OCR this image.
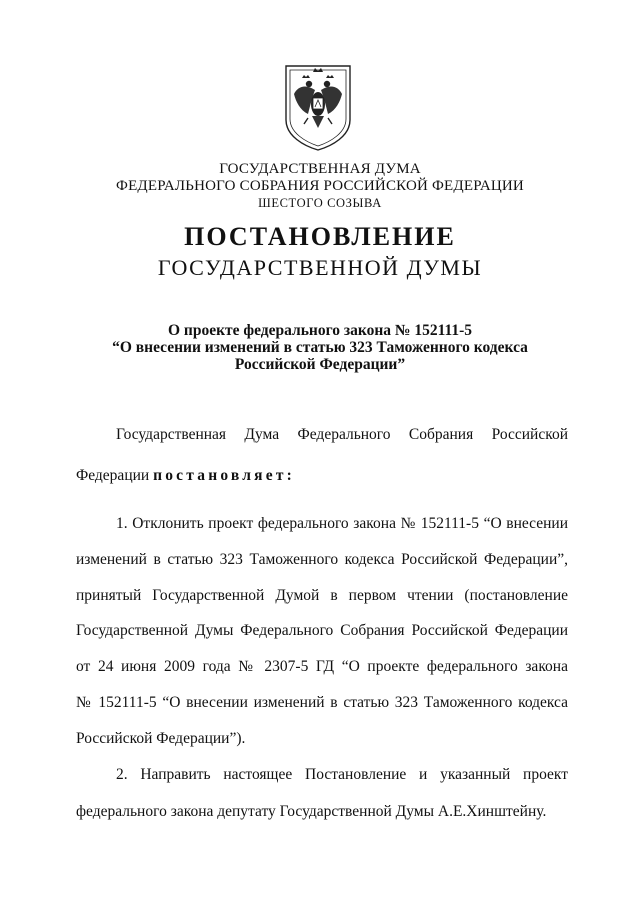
ГОСУДАРСТВЕННАЯ ДУМА
ФЕДЕРАЛЬНОГО СОБРАНИЯ РОССИЙСКОЙ ФЕДЕРАЦИИ
ШЕСТОГО СОЗЫВА
ПОСТАНОВЛЕНИЕ
ГОСУДАРСТВЕННОЙ ДУМЫ
О проекте федерального закона № 152111-5
“О внесении изменений в статью 323 Таможенного кодекса
Российской Федерации”
Государственная Дума Федерального Собрания Российской
Федерации постановляет:
1. Отклонить проект федерального закона № 152111-5 “О внесении
изменений в статью 323 Таможенного кодекса Российской Федерации”,
принятый Государственной Думой в первом чтении (постановление
Государственной Думы Федерального Собрания Российской Федерации
от 24 июня 2009 года № 2307-5 ГД “О проекте федерального закона
№ 152111-5 “О внесении изменений в статью 323 Таможенного кодекса
Российской Федерации”).
2. Направить настоящее Постановление и указанный проект
федерального закона депутату Государственной Думы А.Е.Хинштейну.
